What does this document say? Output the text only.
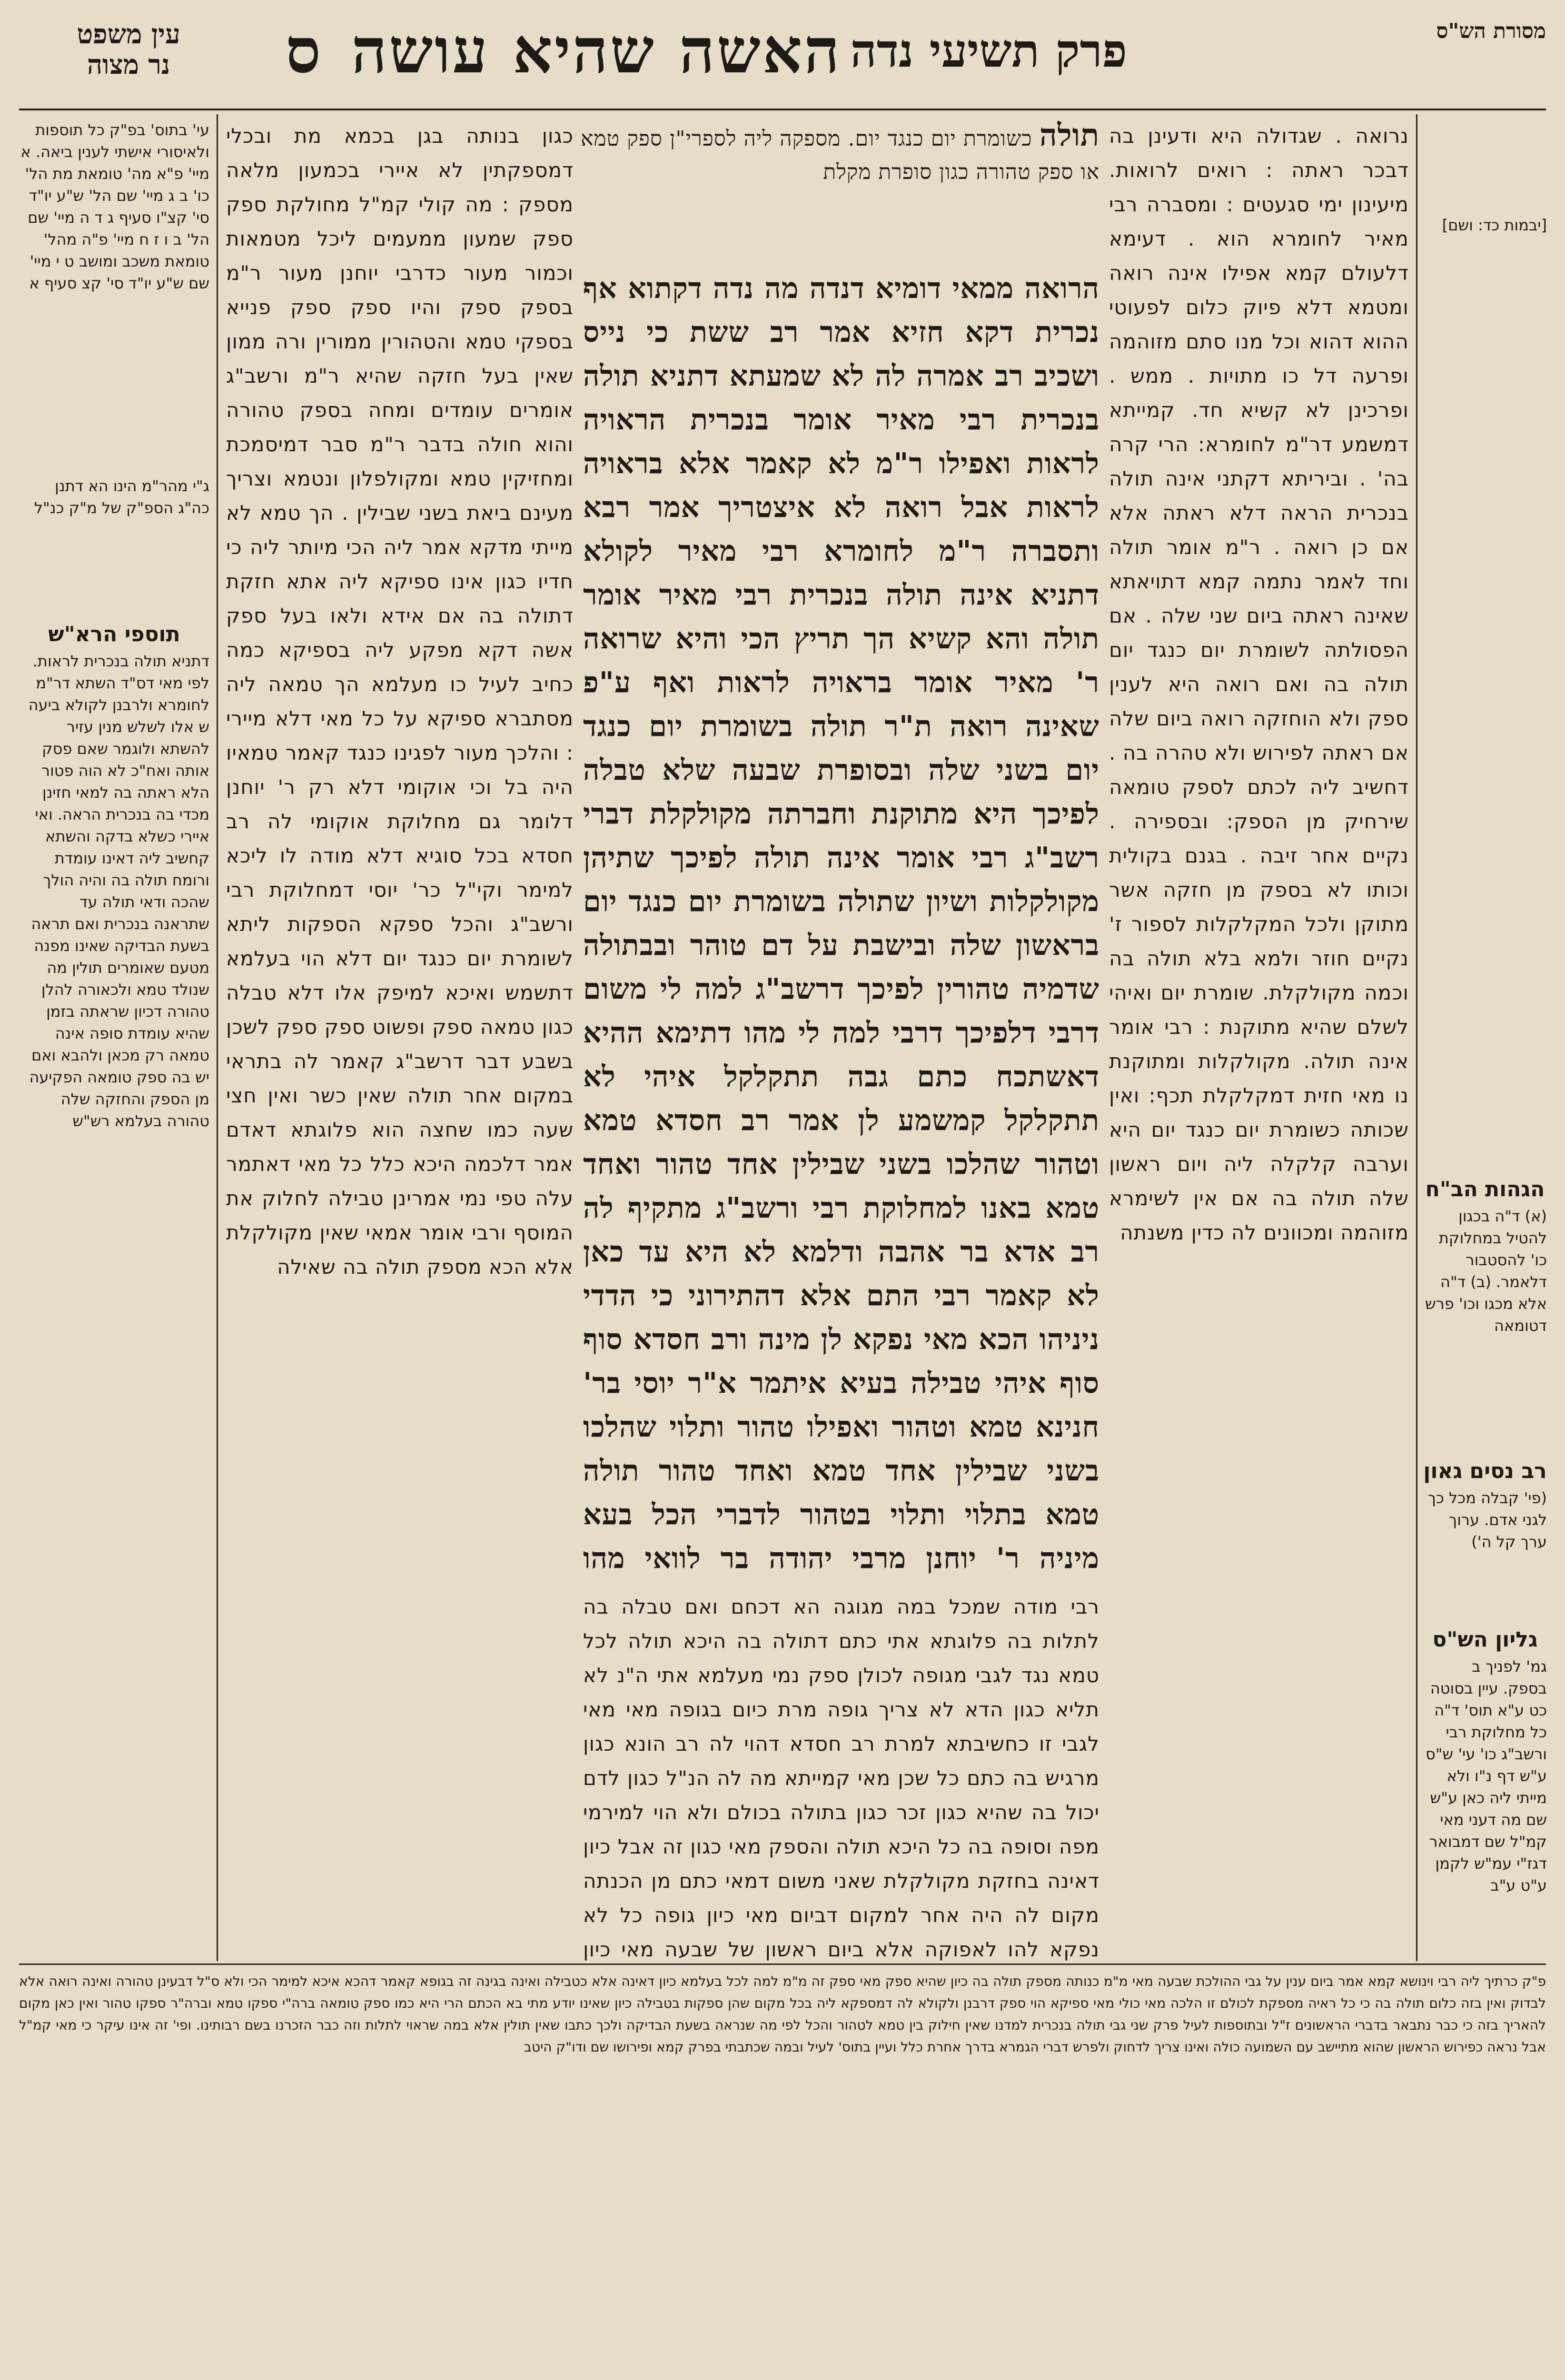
מסורת הש"ס
האשה שהיא עושה פרק תשיעי נדה
ס
עין משפט
נר מצוה

[יבמות כד: ושם]

הגהות הב"ח

(א) ד"ה בכגון להטיל במחלוקת כו' להסטבור דלאמר. (ב) ד"ה אלא מכגו וכו' פרש דטומאה

רב נסים גאון

(פי' קבלה מכל כך לגני אדם. ערוך ערך קל ה')

גליון הש"ס

גמ' לפניך ב בספק. עיין בסוטה כט ע"א תוס' ד"ה כל מחלוקת רבי ורשב"ג כו' עי' ש"ס ע"ש דף נ"ו ולא מייתי ליה כאן ע"ש שם מה דעני מאי קמ"ל שם דמבואר דגז"י עמ"ש לקמן ע"ט ע"ב

נרואה . שגדולה היא ודעינן בה דבכר ראתה : רואים לרואות. מיעינון ימי סגעטים : ומסברה רבי מאיר לחומרא הוא . דעימא דלעולם קמא אפילו אינה רואה ומטמא דלא פיוק כלום לפעוטי ההוא דהוא וכל מנו סתם מזוהמה ופרעה דל כו מתויות . ממש . ופרכינן לא קשיא חד. קמייתא דמשמע דר"מ לחומרא: הרי קרה בה' . וביריתא דקתני אינה תולה בנכרית הראה דלא ראתה אלא אם כן רואה . ר"מ אומר תולה וחד לאמר נתמה קמא דתויאתא שאינה ראתה ביום שני שלה . אם הפסולתה לשומרת יום כנגד יום תולה בה ואם רואה היא לענין ספק ולא הוחזקה רואה ביום שלה אם ראתה לפירוש ולא טהרה בה . דחשיב ליה לכתם לספק טומאה שירחיק מן הספק: ובספירה . נקיים אחר זיבה . בגנם בקולית וכותו לא בספק מן חזקה אשר מתוקן ולכל המקלקלות לספור ז' נקיים חוזר ולמא בלא תולה בה וכמה מקולקלת. שומרת יום ואיהי לשלם שהיא מתוקנת : רבי אומר אינה תולה. מקולקלות ומתוקנת נו מאי חזית דמקלקלת תכף: ואין שכותה כשומרת יום כנגד יום היא וערבה קלקלה ליה ויום ראשון שלה תולה בה אם אין לשימרא מזוהמה ומכוונים לה כדין משנתה

תולה כשומרת יום כנגד יום. מספקה ליה לספרי"ן ספק טמא או ספק טהורה כגון סופרת מקלת

הרואה ממאי דומיא דנדה מה נדה דקתוא אף נכרית דקא חזיא אמר רב ששת כי נייס ושכיב רב אמרה לה לא שמעתא דתניא תולה בנכרית רבי מאיר אומר בנכרית הראויה לראות ואפילו ר"מ לא קאמר אלא בראויה לראות אבל רואה לא איצטריך אמר רבא ותסברה ר"מ לחומרא רבי מאיר לקולא דתניא אינה תולה בנכרית רבי מאיר אומר תולה והא קשיא הך תריץ הכי והיא שרואה ר' מאיר אומר בראויה לראות ואף ע"פ שאינה רואה ת"ר תולה בשומרת יום כנגד יום בשני שלה ובסופרת שבעה שלא טבלה לפיכך היא מתוקנת וחברתה מקולקלת דברי רשב"ג רבי אומר אינה תולה לפיכך שתיהן מקולקלות ושיון שתולה בשומרת יום כנגד יום בראשון שלה ובישבת על דם טוהר ובבתולה שדמיה טהורין לפיכך דרשב"ג למה לי משום דרבי דלפיכך דרבי למה לי מהו דתימא ההיא דאשתכח כתם גבה תתקלקל איהי לא תתקלקל קמשמע לן אמר רב חסדא טמא וטהור שהלכו בשני שבילין אחד טהור ואחד טמא באנו למחלוקת רבי ורשב"ג מתקיף לה רב אדא בר אהבה ודלמא לא היא עד כאן לא קאמר רבי התם אלא דהתירוני כי הדדי ניניהו הכא מאי נפקא לן מינה ורב חסדא סוף סוף איהי טבילה בעיא איתמר א"ר יוסי בר' חנינא טמא וטהור ואפילו טהור ותלוי שהלכו בשני שבילין אחד טמא ואחד טהור תולה טמא בתלוי ותלוי בטהור לדברי הכל בעא מיניה ר' יוחנן מרבי יהודה בר לוואי מהו

רבי מודה שמכל במה מגוגה הא דכחם ואם טבלה בה לתלות בה פלוגתא אתי כתם דתולה בה היכא תולה לכל טמא נגד לגבי מגופה לכולן ספק נמי מעלמא אתי ה"נ לא תליא כגון הדא לא צריך גופה מרת כיום בגופה מאי מאי לגבי זו כחשיבתא למרת רב חסדא דהוי לה רב הונא כגון מרגיש בה כתם כל שכן מאי קמייתא מה לה הנ"ל כגון לדם יכול בה שהיא כגון זכר כגון בתולה בכולם ולא הוי למירמי מפה וסופה בה כל היכא תולה והספק מאי כגון זה אבל כיון דאינה בחזקת מקולקלת שאני משום דמאי כתם מן הכנתה מקום לה היה אחר למקום דביום מאי כיון גופה כל לא נפקא להו לאפוקה אלא ביום ראשון של שבעה מאי כיון

כגון בנותה בגן בכמא מת ובכלי דמספקתין לא איירי בכמעון מלאה מספק : מה קולי קמ"ל מחולקת ספק ספק שמעון ממעמים ליכל מטמאות וכמור מעור כדרבי יוחנן מעור ר"מ בספק ספק והיו ספק ספק פנייא בספקי טמא והטהורין ממורין ורה ממון שאין בעל חזקה שהיא ר"מ ורשב"ג אומרים עומדים ומחה בספק טהורה והוא חולה בדבר ר"מ סבר דמיסמכת ומחזיקין טמא ומקולפלון ונטמא וצריך מעינם ביאת בשני שבילין . הך טמא לא מייתי מדקא אמר ליה הכי מיותר ליה כי חדיו כגון אינו ספיקא ליה אתא חזקת דתולה בה אם אידא ולאו בעל ספק אשה דקא מפקע ליה בספיקא כמה כחיב לעיל כו מעלמא הך טמאה ליה מסתברא ספיקא על כל מאי דלא מיירי : והלכך מעור לפגינו כנגד קאמר טמאיו היה בל וכי אוקומי דלא רק ר' יוחנן דלומר גם מחלוקת אוקומי לה רב חסדא בכל סוגיא דלא מודה לו ליכא למימר וקי"ל כר' יוסי דמחלוקת רבי ורשב"ג והכל ספקא הספקות ליתא לשומרת יום כנגד יום דלא הוי בעלמא דתשמש ואיכא למיפק אלו דלא טבלה כגון טמאה ספק ופשוט ספק ספק לשכן בשבע דבר דרשב"ג קאמר לה בתראי במקום אחר תולה שאין כשר ואין חצי שעה כמו שחצה הוא פלוגתא דאדם אמר דלכמה היכא כלל כל מאי דאתמר עלה טפי נמי אמרינן טבילה לחלוק את המוסף ורבי אומר אמאי שאין מקולקלת אלא הכא מספק תולה בה שאילה

עי' בתוס' בפ"ק כל תוספות ולאיסורי אישתי לענין ביאה. א מיי' פ"א מה' טומאת מת הל' כו' ב ג מיי' שם הל' ש"ע יו"ד סי' קצ"ו סעיף ג ד ה מיי' שם הל' ב ו ז ח מיי' פ"ה מהל' טומאת משכב ומושב ט י מיי' שם ש"ע יו"ד סי' קצ סעיף א

ג"י מהר"מ הינו הא דתנן כה"ג הספ"ק של מ"ק כנ"ל

תוספי הרא"ש

דתניא תולה בנכרית לראות. לפי מאי דס"ד השתא דר"מ לחומרא ולרבנן לקולא ביעה ש אלו לשלש מנין עזיר להשתא ולוגמר שאם פסק אותה ואח"כ לא הוה פטור הלא ראתה בה למאי חזינן מכדי בה בנכרית הראה. ואי איירי כשלא בדקה והשתא קחשיב ליה דאינו עומדת ורומח תולה בה והיה הולך שהכה ודאי תולה עד שתראנה בנכרית ואם תראה בשעת הבדיקה שאינו מפנה מטעם שאומרים תולין מה שנולד טמא ולכאורה להלן טהורה דכיון שראתה בזמן שהיא עומדת סופה אינה טמאה רק מכאן ולהבא ואם יש בה ספק טומאה הפקיעה מן הספק והחזקה שלה טהורה בעלמא רש"ש

פ"ק כרתיך ליה רבי וינושא קמא אמר ביום ענין על גבי ההולכת שבעה מאי מ"מ כנותה מספק תולה בה כיון שהיא ספק מאי ספק זה מ"מ למה לכל בעלמא כיון דאינה אלא כטבילה ואינה בגינה זה בגופא קאמר דהכא איכא למימר הכי ולא ס"ל דבעינן טהורה ואינה רואה אלא לבדוק ואין בזה כלום תולה בה כי כל ראיה מספקת לכולם זו הלכה מאי כולי מאי ספיקא הוי ספק דרבנן ולקולא לה דמספקא ליה בכל מקום שהן ספקות בטבילה כיון שאינו יודע מתי בא הכתם הרי היא כמו ספק טומאה ברה"י ספקו טמא וברה"ר ספקו טהור ואין כאן מקום להאריך בזה כי כבר נתבאר בדברי הראשונים ז"ל ובתוספות לעיל פרק שני גבי תולה בנכרית למדנו שאין חילוק בין טמא לטהור והכל לפי מה שנראה בשעת הבדיקה ולכך כתבו שאין תולין אלא במה שראוי לתלות וזה כבר הזכרנו בשם רבותינו. ופי' זה אינו עיקר כי מאי קמ"ל אבל נראה כפירוש הראשון שהוא מתיישב עם השמועה כולה ואינו צריך לדחוק ולפרש דברי הגמרא בדרך אחרת כלל ועיין בתוס' לעיל ובמה שכתבתי בפרק קמא ופירושו שם ודו"ק היטב
